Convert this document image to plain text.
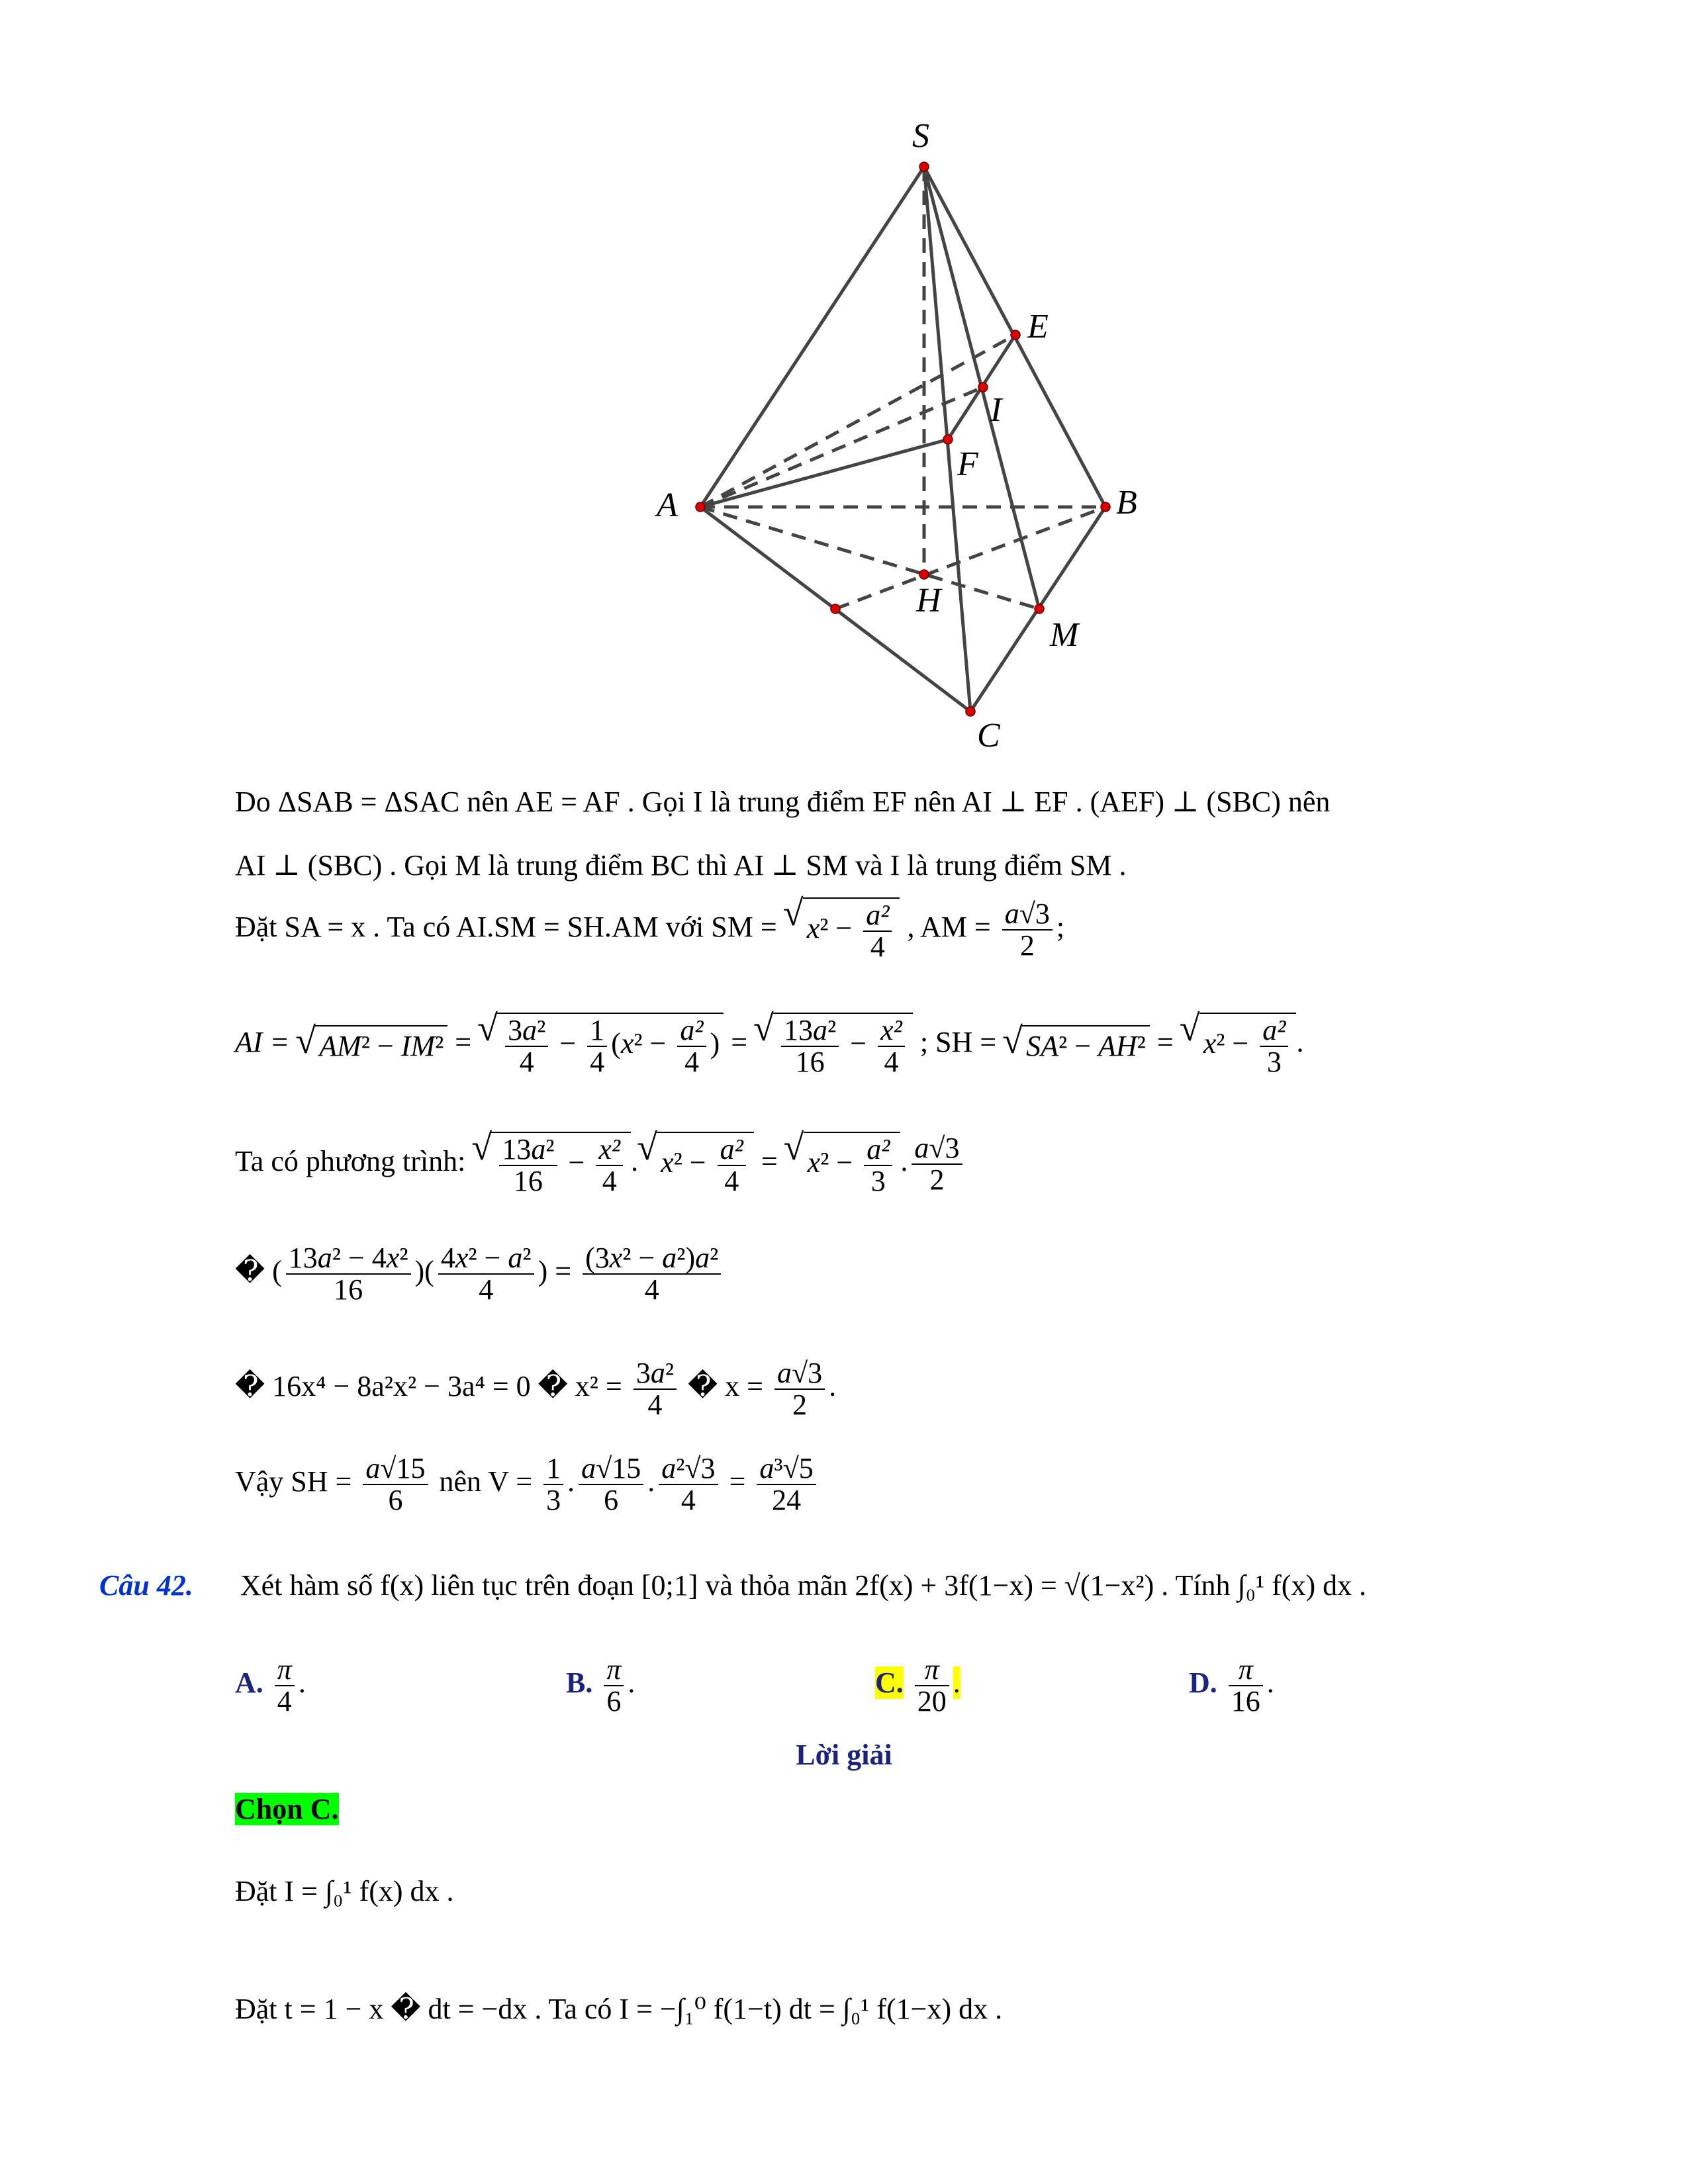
S
E
I
F
A	B
H
M
C
Do ΔSAB = ΔSAC nên AE = AF . Gọi I là trung điểm EF nên AI ⊥ EF . (AEF) ⊥ (SBC) nên
AI ⊥ (SBC) . Gọi M là trung điểm BC thì AI ⊥ SM và I là trung điểm SM .
Đặt SA = x . Ta có AI.SM = SH.AM với SM = √ $x^2 - \frac{\text{a²}}{4}$ , AM = $\frac{a√3}{2}$ ;
AI = √ AM² − IM² = √ $\frac{\text{3a²}}{4} - \frac{1}{4} (x^2 - \frac{\text{a²}}{4}$ ) = √ $\frac{\text{13a²}}{16} - \frac{\text{x²}}{4}$ ; SH = √ SA² − AH² = √ $x^2 - \frac{\text{a²}}{3}$ .
Ta có phương trình: √ $\frac{\text{13a²}}{16} - \frac{\text{x²}}{4}$ . √ $x^2 - \frac{\text{a²}}{4}$ = √ $x^2 - \frac{\text{a²}}{3}$ . $\frac{a√3}{2}$
� ( $\frac{\text{13a² − 4x²}}{16}$ )( $\frac{\text{4x² − a²}}{4}$ ) = $\frac{\text{(3x² − a²)a²}}{4}$
� 16x⁴ − 8a²x² − 3a⁴ = 0 � $x^2 = \frac{\text{3a²}}{4}$ � $x = \frac{a√3}{2}$ .
Vậy SH = $\frac{a√15}{6}$ nên $V = \frac{1}{3}$ . $\frac{a√15}{6}$ . $\frac{\text{a²√3}}{4} = \frac{\text{a³√5}}{24}$
Câu 42. Xét hàm số f(x) liên tục trên đoạn [0;1] và thỏa mãn 2f(x) + 3f(1−x) = √(1−x²) . Tính ∫₀¹ f(x) dx .
A. $\frac{\pi}{4}$ .	B. $\frac{\pi}{6}$ .	C. $\frac{\pi}{20}$ .	D. $\frac{\pi}{16}$ .
Lời giải
Chọn C.
Đặt I = ∫₀¹ f(x) dx .
Đặt t = 1 − x � dt = −dx . Ta có I = −∫₁⁰ f(1−t) dt = ∫₀¹ f(1−x) dx .
